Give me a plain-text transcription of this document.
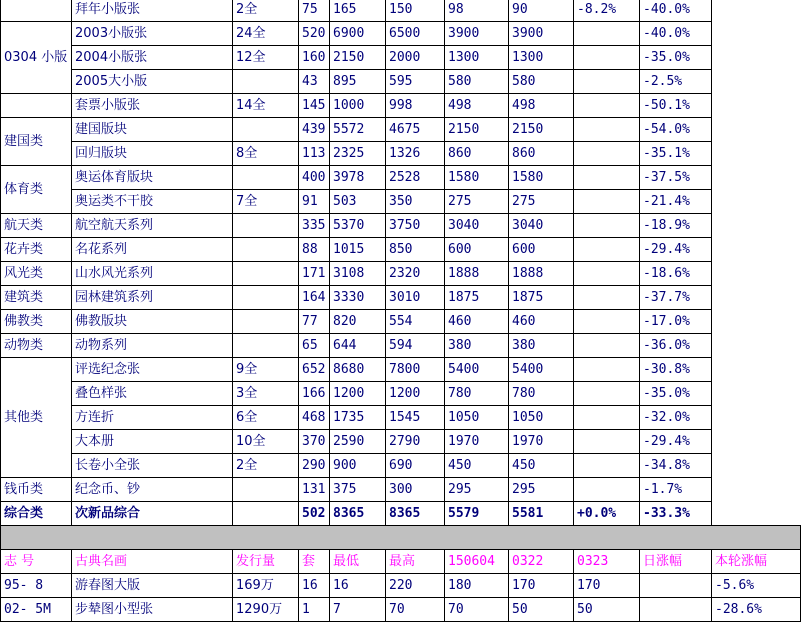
	拜年小版张	2全	75	165	150	98	90	-8.2%	-40.0%	
0304 小版	2003小版张	24全	520	6900	6500	3900	3900		-40.0%	
	2004小版张	12全	160	2150	2000	1300	1300		-35.0%	
	2005大小版		43	895	595	580	580		-2.5%	
	套票小版张	14全	145	1000	998	498	498		-50.1%	
建国类	建国版块		439	5572	4675	2150	2150		-54.0%	
	回归版块	8全	113	2325	1326	860	860		-35.1%	
体育类	奥运体育版块		400	3978	2528	1580	1580		-37.5%	
	奥运类不干胶	7全	91	503	350	275	275		-21.4%	
航天类	航空航天系列		335	5370	3750	3040	3040		-18.9%	
花卉类	名花系列		88	1015	850	600	600		-29.4%	
风光类	山水风光系列		171	3108	2320	1888	1888		-18.6%	
建筑类	园林建筑系列		164	3330	3010	1875	1875		-37.7%	
佛教类	佛教版块		77	820	554	460	460		-17.0%	
动物类	动物系列		65	644	594	380	380		-36.0%	
其他类	评选纪念张	9全	652	8680	7800	5400	5400		-30.8%	
	叠色样张	3全	166	1200	1200	780	780		-35.0%	
	方连折	6全	468	1735	1545	1050	1050		-32.0%	
	大本册	10全	370	2590	2790	1970	1970		-29.4%	
	长卷小全张	2全	290	900	690	450	450		-34.8%	
钱币类	纪念币、钞		131	375	300	295	295		-1.7%	
综合类	次新品综合		502	8365	8365	5579	5581	+0.0%	-33.3%	

志 号	古典名画	发行量	套	最低	最高	150604	0322	0323	日涨幅	本轮涨幅
95- 8	游春图大版	169万	16	16	220	180	170	170		-5.6%
02- 5M	步辇图小型张	1290万	1	7	70	70	50	50		-28.6%
